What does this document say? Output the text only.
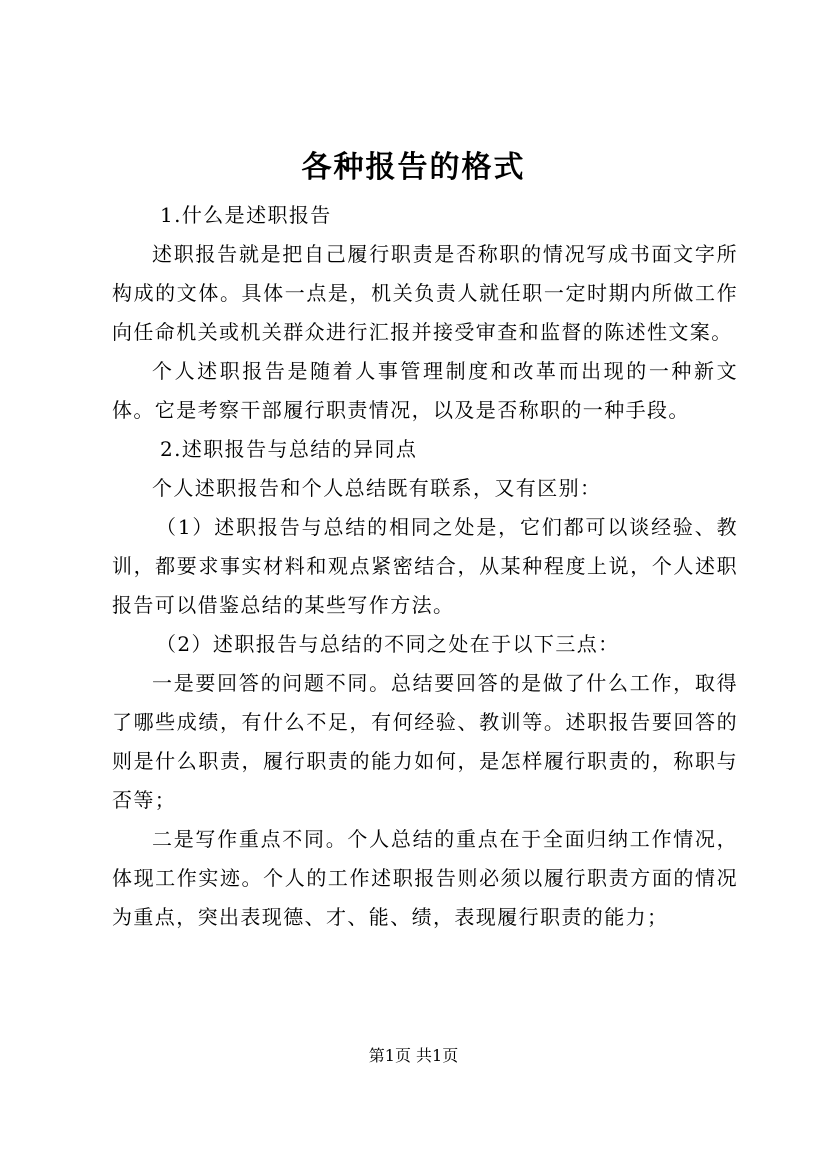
各种报告的格式

1.什么是述职报告

述职报告就是把自己履行职责是否称职的情况写成书面文字所构成的文体。具体一点是，机关负责人就任职一定时期内所做工作向任命机关或机关群众进行汇报并接受审查和监督的陈述性文案。

个人述职报告是随着人事管理制度和改革而出现的一种新文体。它是考察干部履行职责情况，以及是否称职的一种手段。

2.述职报告与总结的异同点

个人述职报告和个人总结既有联系，又有区别：

（1）述职报告与总结的相同之处是，它们都可以谈经验、教训，都要求事实材料和观点紧密结合，从某种程度上说，个人述职报告可以借鉴总结的某些写作方法。

（2）述职报告与总结的不同之处在于以下三点：

一是要回答的问题不同。总结要回答的是做了什么工作，取得了哪些成绩，有什么不足，有何经验、教训等。述职报告要回答的则是什么职责，履行职责的能力如何，是怎样履行职责的，称职与否等；

二是写作重点不同。个人总结的重点在于全面归纳工作情况，体现工作实迹。个人的工作述职报告则必须以履行职责方面的情况为重点，突出表现德、才、能、绩，表现履行职责的能力；

第1页 共1页
